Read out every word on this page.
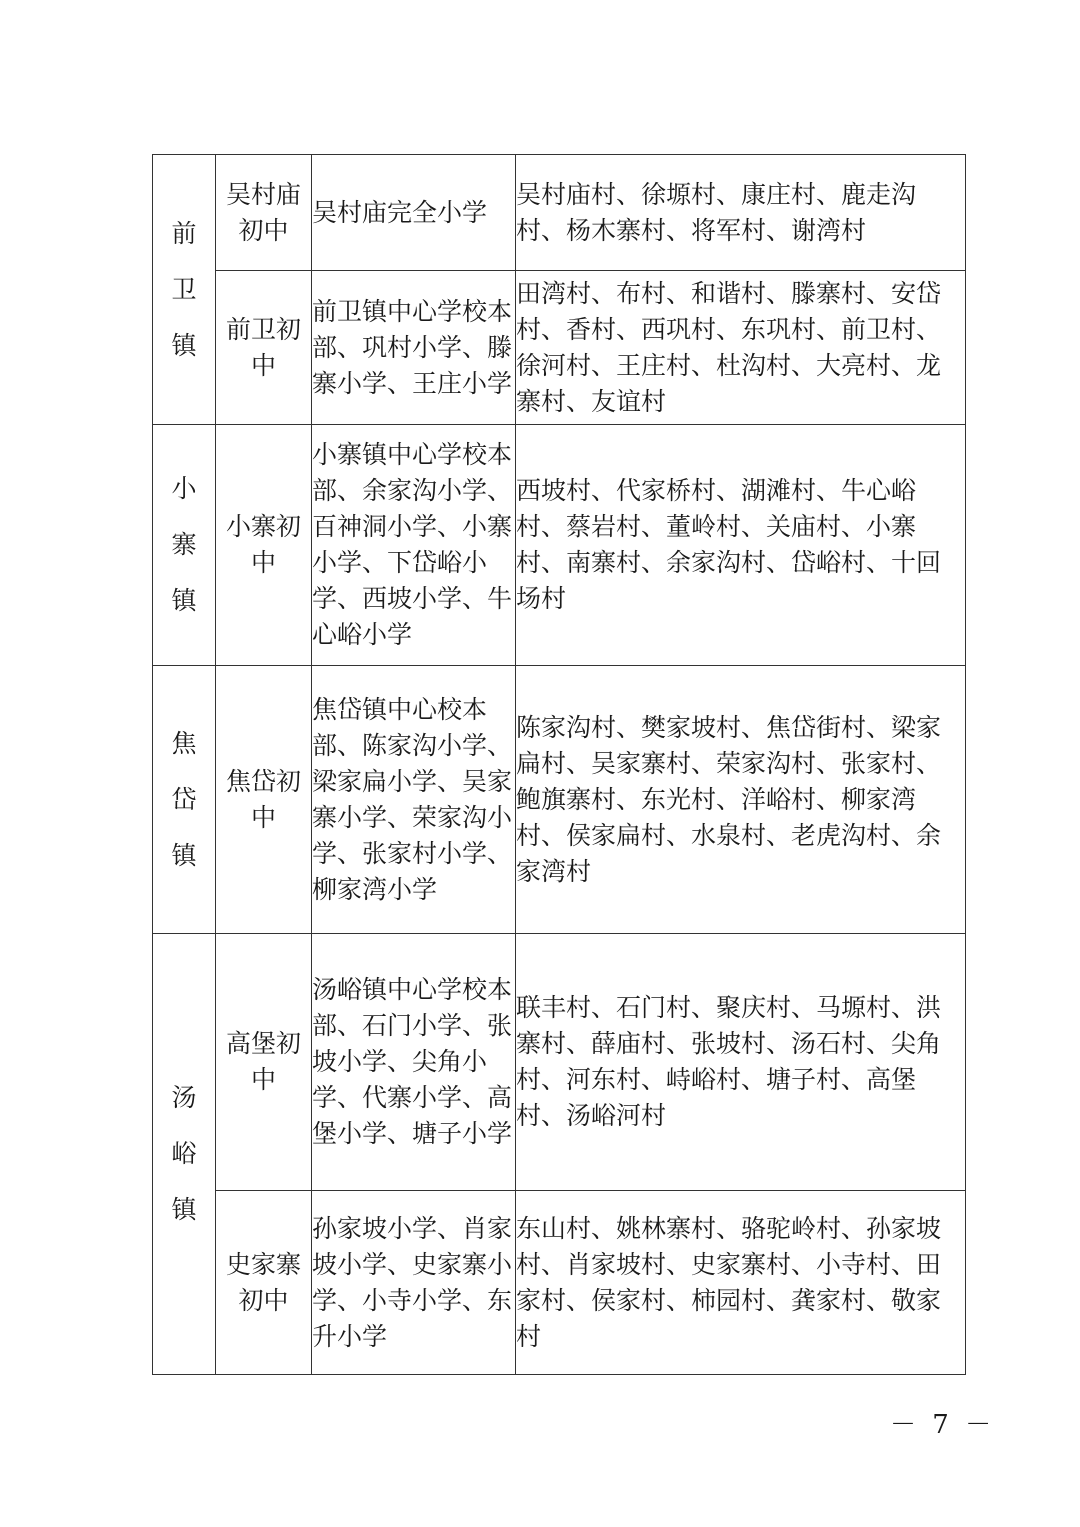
前卫镇	吴村庙初中	吴村庙完全小学	吴村庙村、徐塬村、康庄村、鹿走沟村、杨木寨村、将军村、谢湾村
	前卫初中	前卫镇中心学校本部、巩村小学、滕寨小学、王庄小学	田湾村、布村、和谐村、滕寨村、安岱村、香村、西巩村、东巩村、前卫村、徐河村、王庄村、杜沟村、大亮村、龙寨村、友谊村

小寨镇	小寨初中	小寨镇中心学校本部、余家沟小学、百神洞小学、小寨小学、下岱峪小学、西坡小学、牛心峪小学	西坡村、代家桥村、湖滩村、牛心峪村、蔡岩村、董岭村、关庙村、小寨村、南寨村、余家沟村、岱峪村、十回场村

焦岱镇	焦岱初中	焦岱镇中心校本部、陈家沟小学、梁家扁小学、吴家寨小学、荣家沟小学、张家村小学、柳家湾小学	陈家沟村、樊家坡村、焦岱街村、梁家扁村、吴家寨村、荣家沟村、张家村、鲍旗寨村、东光村、洋峪村、柳家湾村、侯家扁村、水泉村、老虎沟村、余家湾村

汤峪镇	高堡初中	汤峪镇中心学校本部、石门小学、张坡小学、尖角小学、代寨小学、高堡小学、塘子小学	联丰村、石门村、聚庆村、马塬村、洪寨村、薛庙村、张坡村、汤石村、尖角村、河东村、峙峪村、塘子村、高堡村、汤峪河村
	史家寨初中	孙家坡小学、肖家坡小学、史家寨小学、小寺小学、东升小学	东山村、姚林寨村、骆驼岭村、孙家坡村、肖家坡村、史家寨村、小寺村、田家村、侯家村、柿园村、龚家村、敬家村
－ 7 －
